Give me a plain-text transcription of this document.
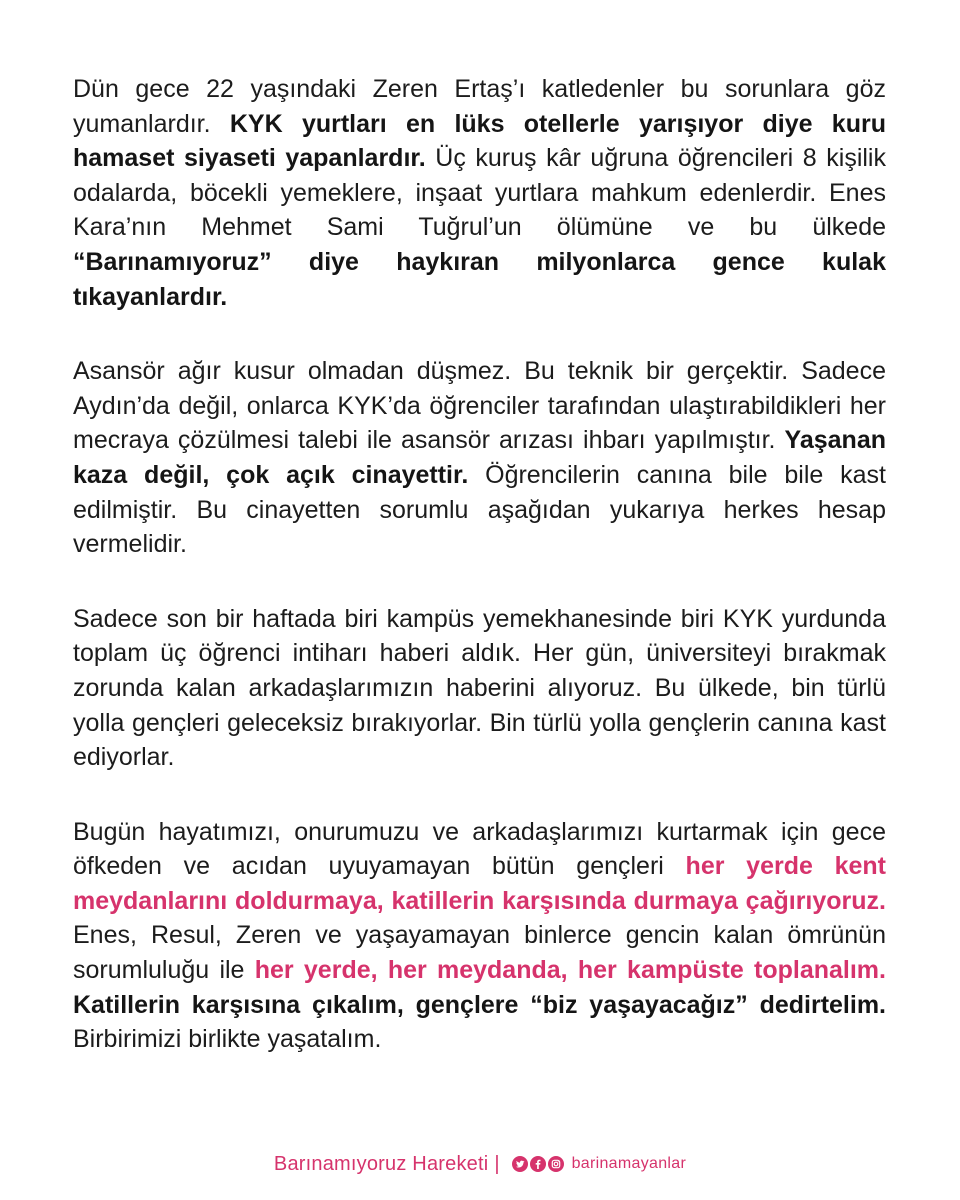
Dün gece 22 yaşındaki Zeren Ertaş’ı katledenler bu sorunlara göz yumanlardır. KYK yurtları en lüks otellerle yarışıyor diye kuru hamaset siyaseti yapanlardır. Üç kuruş kâr uğruna öğrencileri 8 kişilik odalarda, böcekli yemeklere, inşaat yurtlara mahkum edenlerdir. Enes Kara’nın Mehmet Sami Tuğrul’un ölümüne ve bu ülkede “Barınamıyoruz” diye haykıran milyonlarca gence kulak tıkayanlardır.

Asansör ağır kusur olmadan düşmez. Bu teknik bir gerçektir. Sadece Aydın’da değil, onlarca KYK’da öğrenciler tarafından ulaştırabildikleri her mecraya çözülmesi talebi ile asansör arızası ihbarı yapılmıştır. Yaşanan kaza değil, çok açık cinayettir. Öğrencilerin canına bile bile kast edilmiştir. Bu cinayetten sorumlu aşağıdan yukarıya herkes hesap vermelidir.

Sadece son bir haftada biri kampüs yemekhanesinde biri KYK yurdunda toplam üç öğrenci intiharı haberi aldık. Her gün, üniversiteyi bırakmak zorunda kalan arkadaşlarımızın haberini alıyoruz. Bu ülkede, bin türlü yolla gençleri geleceksiz bırakıyorlar. Bin türlü yolla gençlerin canına kast ediyorlar.

Bugün hayatımızı, onurumuzu ve arkadaşlarımızı kurtarmak için gece öfkeden ve acıdan uyuyamayan bütün gençleri her yerde kent meydanlarını doldurmaya, katillerin karşısında durmaya çağırıyoruz. Enes, Resul, Zeren ve yaşayamayan binlerce gencin kalan ömrünün sorumluluğu ile her yerde, her meydanda, her kampüste toplanalım. Katillerin karşısına çıkalım, gençlere “biz yaşayacağız” dedirtelim. Birbirimizi birlikte yaşatalım.

Barınamıyoruz Hareketi |	barinamayanlar
